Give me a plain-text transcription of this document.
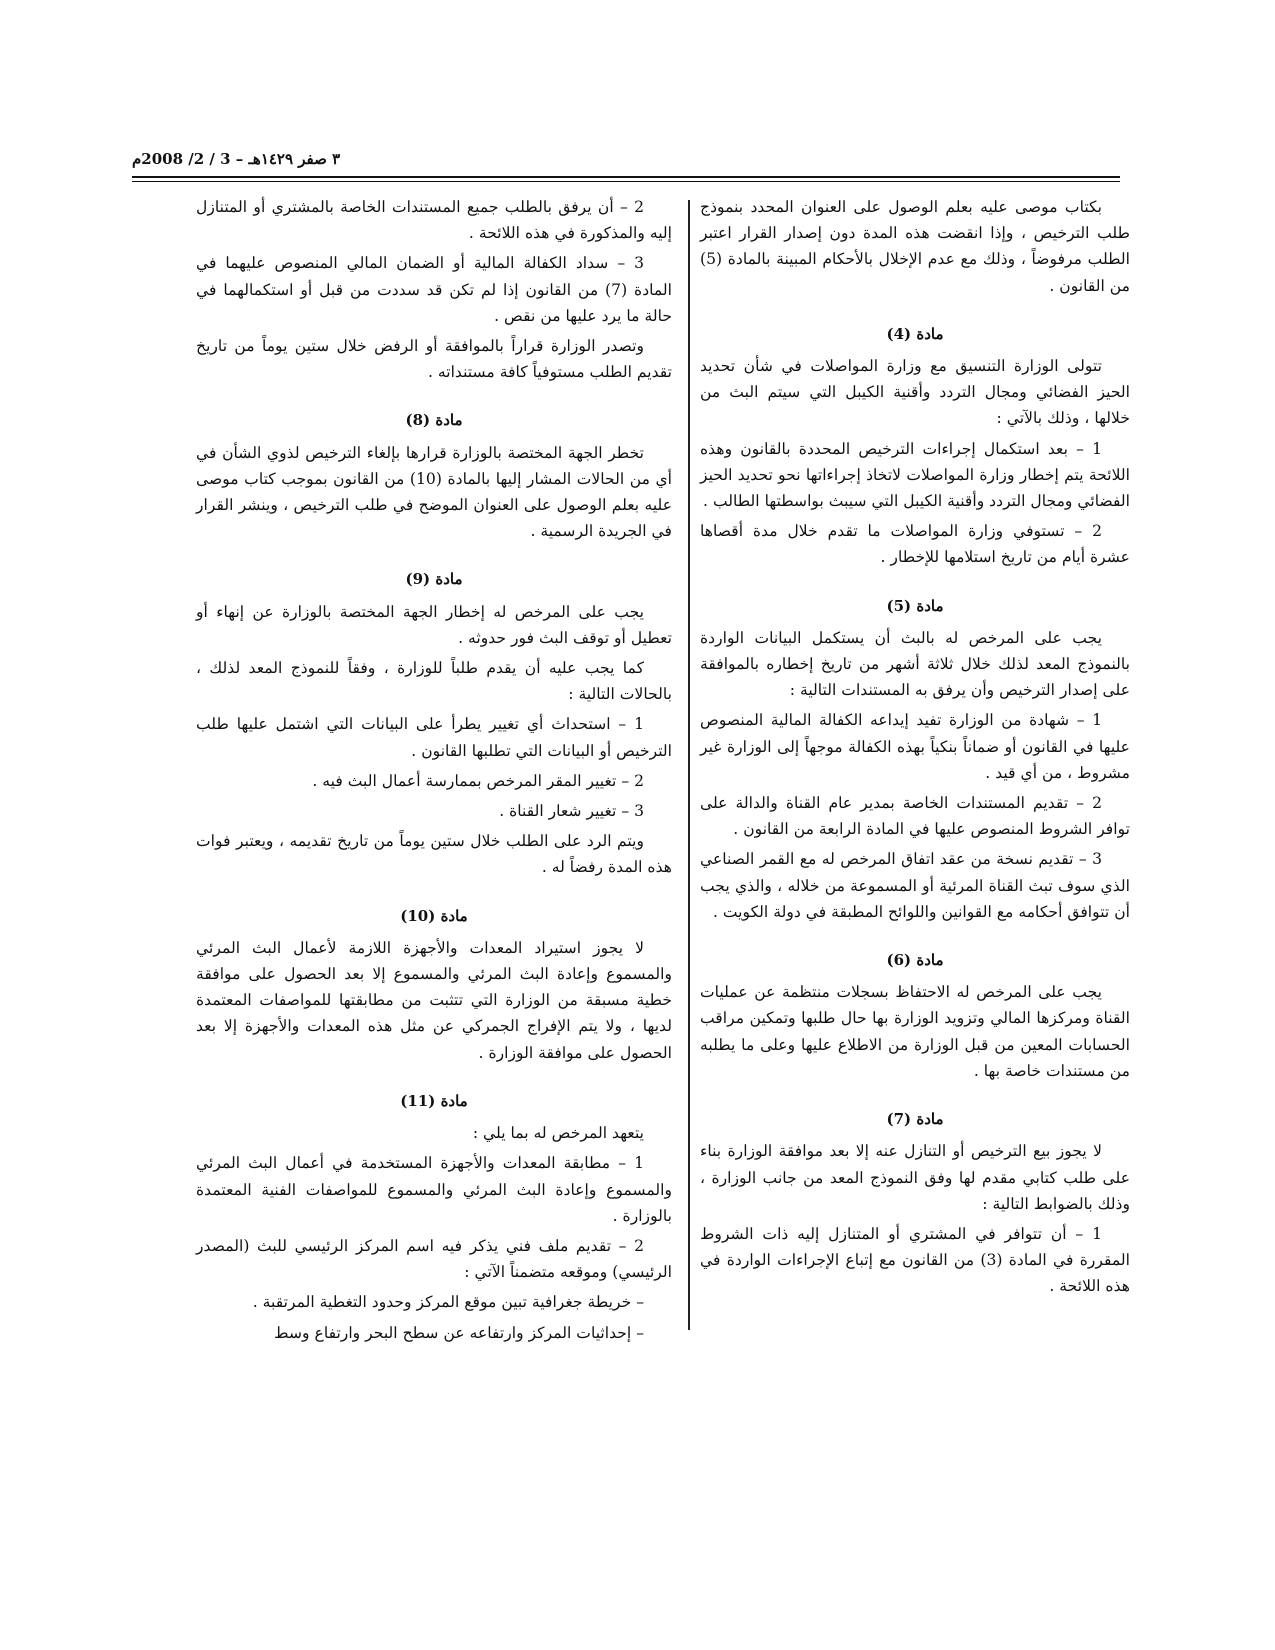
٣ صفر ١٤٢٩هـ – 3 / 2/ 2008م

بكتاب موصى عليه بعلم الوصول على العنوان المحدد بنموذج طلب الترخيص ، وإذا انقضت هذه المدة دون إصدار القرار اعتبر الطلب مرفوضاً ، وذلك مع عدم الإخلال بالأحكام المبينة بالمادة (5) من القانون .

مادة (4)

تتولى الوزارة التنسيق مع وزارة المواصلات في شأن تحديد الحيز الفضائي ومجال التردد وأقنية الكيبل التي سيتم البث من خلالها ، وذلك بالآتي :

1 – بعد استكمال إجراءات الترخيص المحددة بالقانون وهذه اللائحة يتم إخطار وزارة المواصلات لاتخاذ إجراءاتها نحو تحديد الحيز الفضائي ومجال التردد وأقنية الكيبل التي سيبث بواسطتها الطالب .

2 – تستوفي وزارة المواصلات ما تقدم خلال مدة أقصاها عشرة أيام من تاريخ استلامها للإخطار .

مادة (5)

يجب على المرخص له بالبث أن يستكمل البيانات الواردة بالنموذج المعد لذلك خلال ثلاثة أشهر من تاريخ إخطاره بالموافقة على إصدار الترخيص وأن يرفق به المستندات التالية :

1 – شهادة من الوزارة تفيد إيداعه الكفالة المالية المنصوص عليها في القانون أو ضماناً بنكياً بهذه الكفالة موجهاً إلى الوزارة غير مشروط ، من أي قيد .

2 – تقديم المستندات الخاصة بمدير عام القناة والدالة على توافر الشروط المنصوص عليها في المادة الرابعة من القانون .

3 – تقديم نسخة من عقد اتفاق المرخص له مع القمر الصناعي الذي سوف تبث القناة المرئية أو المسموعة من خلاله ، والذي يجب أن تتوافق أحكامه مع القوانين واللوائح المطبقة في دولة الكويت .

مادة (6)

يجب على المرخص له الاحتفاظ بسجلات منتظمة عن عمليات القناة ومركزها المالي وتزويد الوزارة بها حال طلبها وتمكين مراقب الحسابات المعين من قبل الوزارة من الاطلاع عليها وعلى ما يطلبه من مستندات خاصة بها .

مادة (7)

لا يجوز بيع الترخيص أو التنازل عنه إلا بعد موافقة الوزارة بناء على طلب كتابي مقدم لها وفق النموذج المعد من جانب الوزارة ، وذلك بالضوابط التالية :

1 – أن تتوافر في المشتري أو المتنازل إليه ذات الشروط المقررة في المادة (3) من القانون مع إتباع الإجراءات الواردة في هذه اللائحة .

2 – أن يرفق بالطلب جميع المستندات الخاصة بالمشتري أو المتنازل إليه والمذكورة في هذه اللائحة .

3 – سداد الكفالة المالية أو الضمان المالي المنصوص عليهما في المادة (7) من القانون إذا لم تكن قد سددت من قبل أو استكمالهما في حالة ما يرد عليها من نقص .

وتصدر الوزارة قراراً بالموافقة أو الرفض خلال ستين يوماً من تاريخ تقديم الطلب مستوفياً كافة مستنداته .

مادة (8)

تخطر الجهة المختصة بالوزارة قرارها بإلغاء الترخيص لذوي الشأن في أي من الحالات المشار إليها بالمادة (10) من القانون بموجب كتاب موصى عليه بعلم الوصول على العنوان الموضح في طلب الترخيص ، وينشر القرار في الجريدة الرسمية .

مادة (9)

يجب على المرخص له إخطار الجهة المختصة بالوزارة عن إنهاء أو تعطيل أو توقف البث فور حدوثه .

كما يجب عليه أن يقدم طلباً للوزارة ، وفقاً للنموذج المعد لذلك ، بالحالات التالية :

1 – استحداث أي تغيير يطرأ على البيانات التي اشتمل عليها طلب الترخيص أو البيانات التي تطلبها القانون .

2 – تغيير المقر المرخص بممارسة أعمال البث فيه .

3 – تغيير شعار القناة .

ويتم الرد على الطلب خلال ستين يوماً من تاريخ تقديمه ، ويعتبر فوات هذه المدة رفضاً له .

مادة (10)

لا يجوز استيراد المعدات والأجهزة اللازمة لأعمال البث المرئي والمسموع وإعادة البث المرئي والمسموع إلا بعد الحصول على موافقة خطية مسبقة من الوزارة التي تتثبت من مطابقتها للمواصفات المعتمدة لديها ، ولا يتم الإفراج الجمركي عن مثل هذه المعدات والأجهزة إلا بعد الحصول على موافقة الوزارة .

مادة (11)

يتعهد المرخص له بما يلي :

1 – مطابقة المعدات والأجهزة المستخدمة في أعمال البث المرئي والمسموع وإعادة البث المرئي والمسموع للمواصفات الفنية المعتمدة بالوزارة .

2 – تقديم ملف فني يذكر فيه اسم المركز الرئيسي للبث (المصدر الرئيسي) وموقعه متضمناً الآتي :

– خريطة جغرافية تبين موقع المركز وحدود التغطية المرتقبة .

– إحداثيات المركز وارتفاعه عن سطح البحر وارتفاع وسط
